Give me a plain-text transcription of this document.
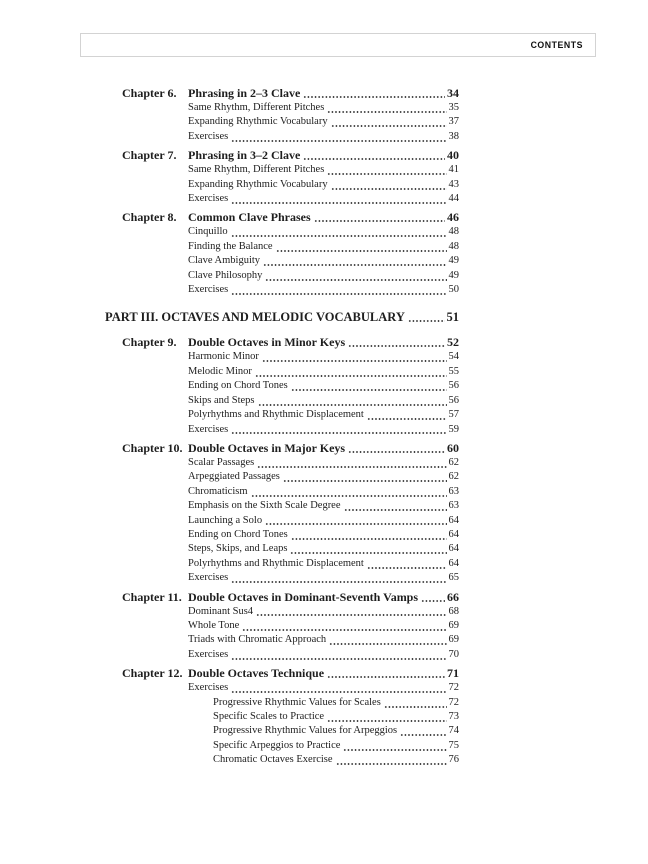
CONTENTS
Chapter 6. Phrasing in 2–3 Clave	34
Same Rhythm, Different Pitches	35
Expanding Rhythmic Vocabulary	37
Exercises	38
Chapter 7. Phrasing in 3–2 Clave	40
Same Rhythm, Different Pitches	41
Expanding Rhythmic Vocabulary	43
Exercises	44
Chapter 8. Common Clave Phrases	46
Cinquillo	48
Finding the Balance	48
Clave Ambiguity	49
Clave Philosophy	49
Exercises	50
PART III. OCTAVES AND MELODIC VOCABULARY	51
Chapter 9. Double Octaves in Minor Keys	52
Harmonic Minor	54
Melodic Minor	55
Ending on Chord Tones	56
Skips and Steps	56
Polyrhythms and Rhythmic Displacement	57
Exercises	59
Chapter 10. Double Octaves in Major Keys	60
Scalar Passages	62
Arpeggiated Passages	62
Chromaticism	63
Emphasis on the Sixth Scale Degree	63
Launching a Solo	64
Ending on Chord Tones	64
Steps, Skips, and Leaps	64
Polyrhythms and Rhythmic Displacement	64
Exercises	65
Chapter 11. Double Octaves in Dominant-Seventh Vamps 66
Dominant Sus4	68
Whole Tone	69
Triads with Chromatic Approach	69
Exercises	70
Chapter 12. Double Octaves Technique	71
Exercises	72
Progressive Rhythmic Values for Scales	72
Specific Scales to Practice	73
Progressive Rhythmic Values for Arpeggios	74
Specific Arpeggios to Practice	75
Chromatic Octaves Exercise	76
